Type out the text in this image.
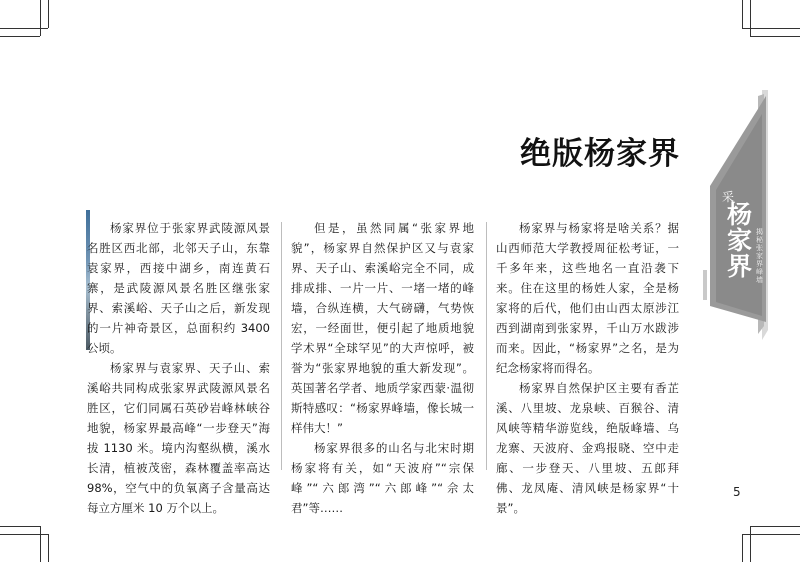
绝版杨家界

杨家界位于张家界武陵源风景名胜区西北部，北邻天子山，东靠袁家界，西接中湖乡，南连黄石寨，是武陵源风景名胜区继张家界、索溪峪、天子山之后，新发现的一片神奇景区，总面积约 3400 公顷。

杨家界与袁家界、天子山、索溪峪共同构成张家界武陵源风景名胜区，它们同属石英砂岩峰林峡谷地貌，杨家界最高峰“一步登天”海拔 1130 米。境内沟壑纵横，溪水长清，植被茂密，森林覆盖率高达 98%，空气中的负氧离子含量高达每立方厘米 10 万个以上。

但是，虽然同属“张家界地貌”，杨家界自然保护区又与袁家界、天子山、索溪峪完全不同，成排成排、一片一片、一堵一堵的峰墙，合纵连横，大气磅礴，气势恢宏，一经面世，便引起了地质地貌学术界“全球罕见”的大声惊呼，被誉为“张家界地貌的重大新发现”。英国著名学者、地质学家西蒙·温彻斯特感叹：“杨家界峰墙，像长城一样伟大！”

杨家界很多的山名与北宋时期杨家将有关，如“天波府”“宗保峰”“六郎湾”“六郎峰”“佘太君”等……

杨家界与杨家将是啥关系？据山西师范大学教授周征松考证，一千多年来，这些地名一直沿袭下来。住在这里的杨姓人家，全是杨家将的后代，他们由山西太原涉江西到湖南到张家界，千山万水跋涉而来。因此，“杨家界”之名，是为纪念杨家将而得名。

杨家界自然保护区主要有香芷溪、八里坡、龙泉峡、百猴谷、清风峡等精华游览线，绝版峰墙、乌龙寨、天波府、金鸡报晓、空中走廊、一步登天、八里坡、五郎拜佛、龙凤庵、清风峡是杨家界“十景”。

采
杨家界
揭秘张家界峰墙
5
